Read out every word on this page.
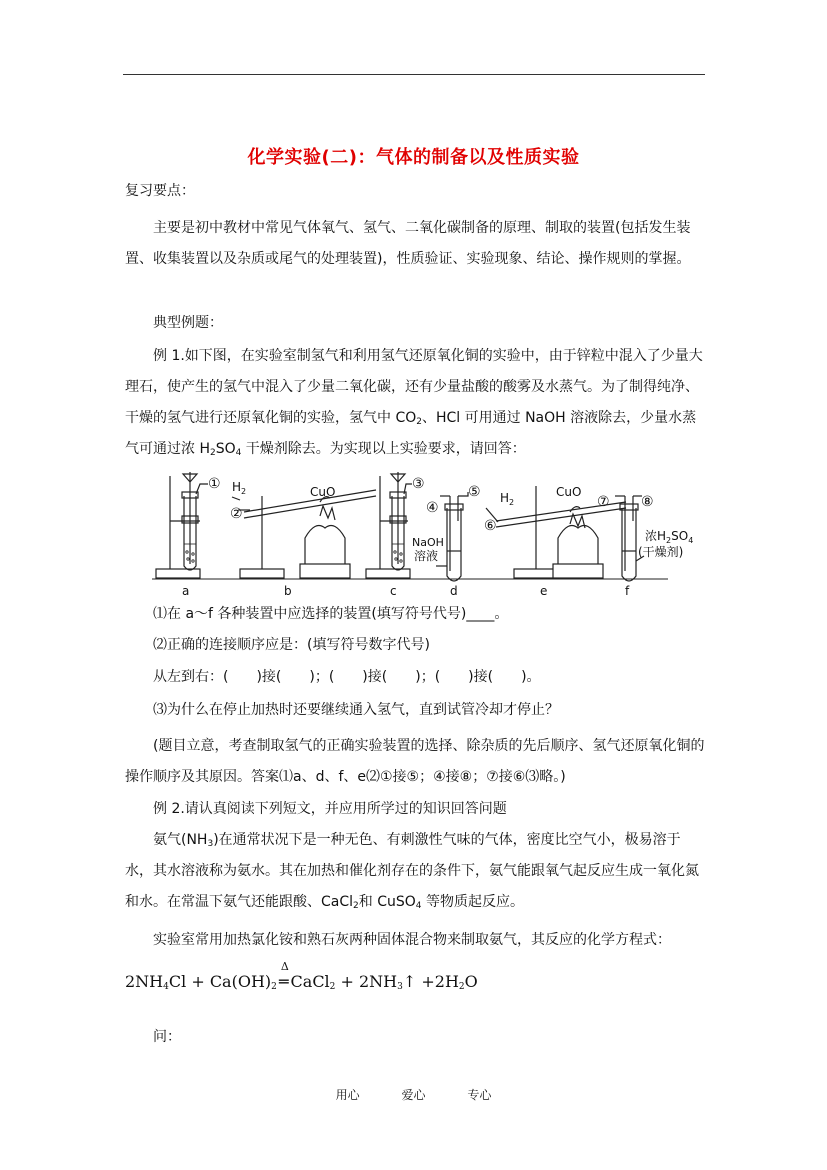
化学实验(二)：气体的制备以及性质实验

复习要点：

主要是初中教材中常见气体氧气、氢气、二氧化碳制备的原理、制取的装置(包括发生装置、收集装置以及杂质或尾气的处理装置)，性质验证、实验现象、结论、操作规则的掌握。

典型例题：

例 1.如下图，在实验室制氢气和利用氢气还原氧化铜的实验中，由于锌粒中混入了少量大理石，使产生的氢气中混入了少量二氧化碳，还有少量盐酸的酸雾及水蒸气。为了制得纯净、干燥的氢气进行还原氧化铜的实验，氢气中 $CO_2$、HCl 可用通过 NaOH 溶液除去，少量水蒸气可通过浓 $H_2SO_4$ 干燥剂除去。为实现以上实验要求，请回答：

①
②
③
④
⑤
⑥
⑦ ⑧
$H_2$	$H_2$
CuO	CuO
NaOH
溶液
浓$H_2SO_4$
(干燥剂)
a	b	c	d	e	f

⑴在 a～f 各种装置中应选择的装置(填写符号代号)____。

⑵正确的连接顺序应是：(填写符号数字代号)

从左到右：(　　)接(　　)；(　　)接(　　)；(　　)接(　　)。

⑶为什么在停止加热时还要继续通入氢气，直到试管冷却才停止？

(题目立意，考查制取氢气的正确实验装置的选择、除杂质的先后顺序、氢气还原氧化铜的操作顺序及其原因。答案⑴a、d、f、e⑵①接⑤；④接⑧；⑦接⑥⑶略。)

例 2.请认真阅读下列短文，并应用所学过的知识回答问题

氨气$(NH_3)$在通常状况下是一种无色、有刺激性气味的气体，密度比空气小，极易溶于水，其水溶液称为氨水。其在加热和催化剂存在的条件下，氨气能跟氧气起反应生成一氧化氮和水。在常温下氨气还能跟酸、CaCl$_2$和 CuSO$_4$ 等物质起反应。

实验室常用加热氯化铵和熟石灰两种固体混合物来制取氨气，其反应的化学方程式：

$2NH_4Cl + Ca(OH)_2$
Δ
═ CaCl$_2$ + $2NH_3↑ +2H_2O$

问：

用心	爱心	专心
